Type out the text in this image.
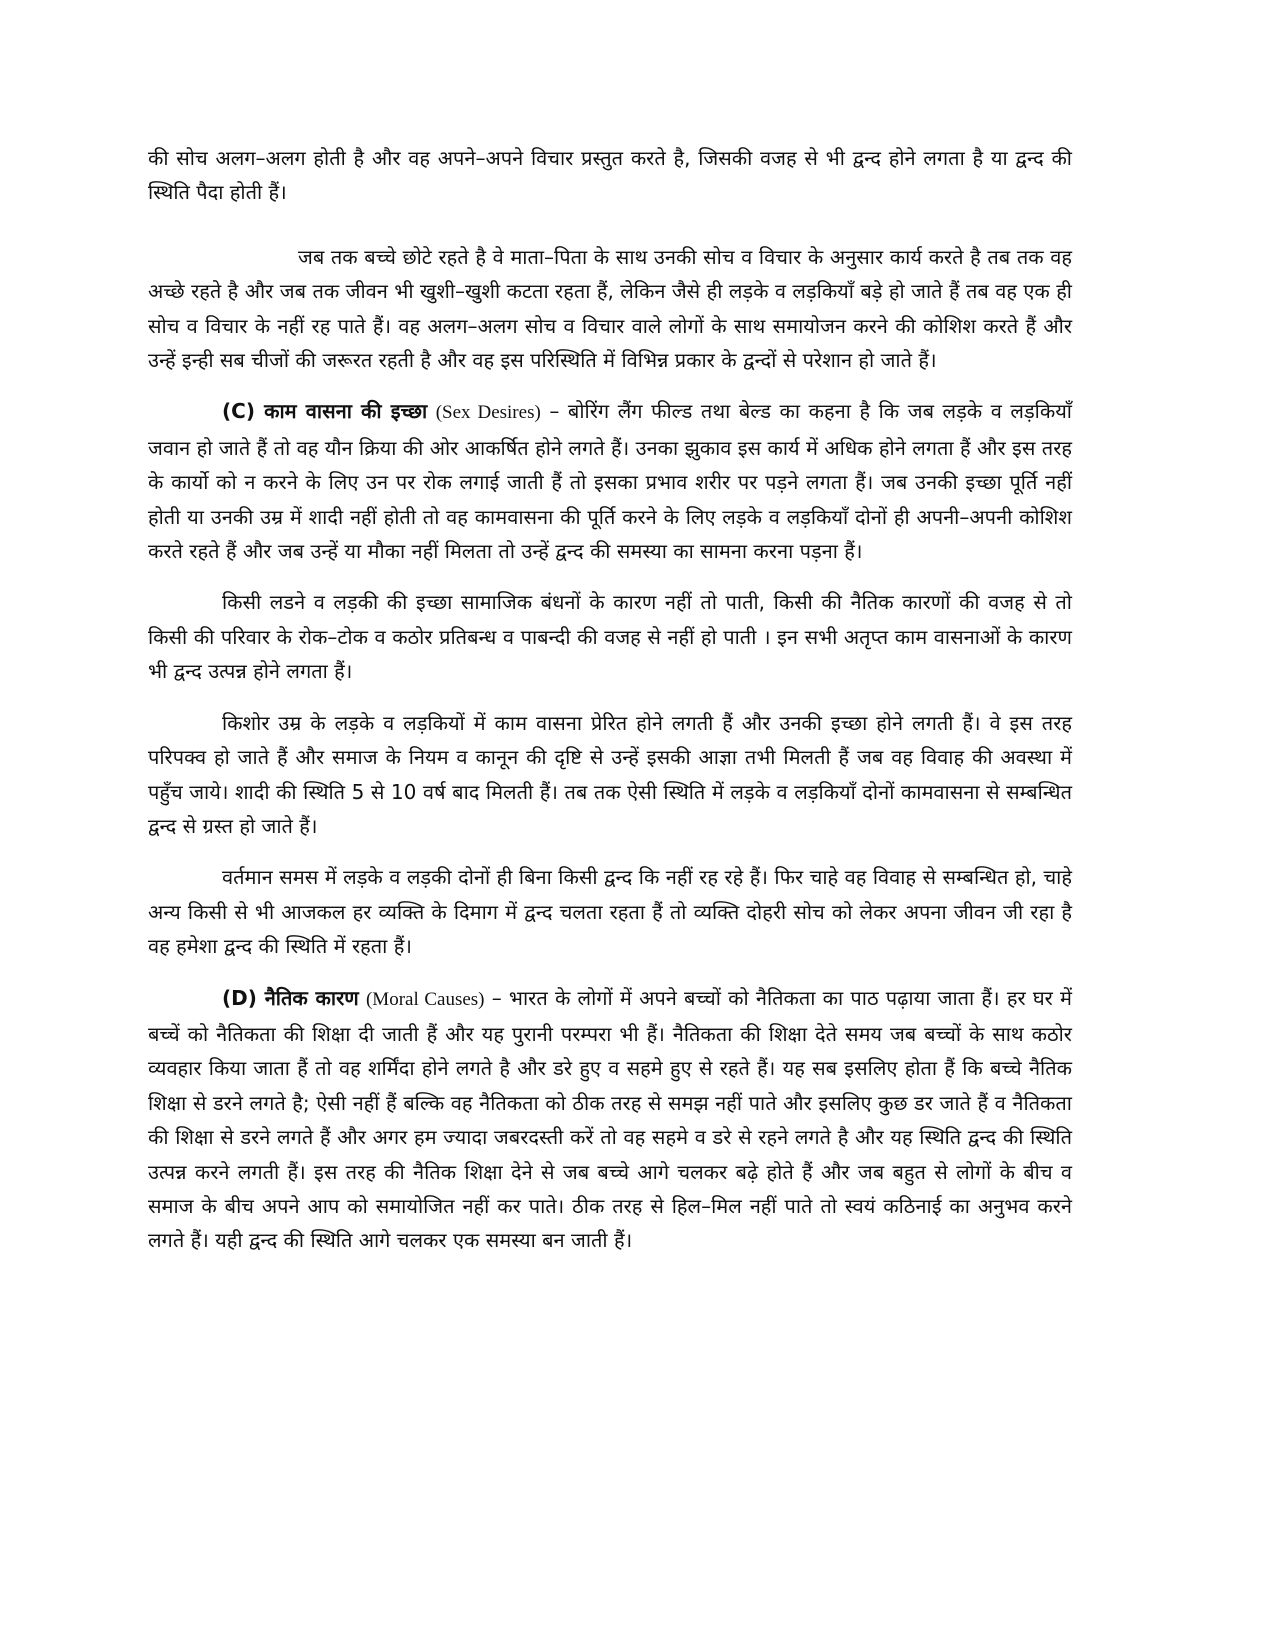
की सोच अलग–अलग होती है और वह अपने–अपने विचार प्रस्तुत करते है, जिसकी वजह से भी द्वन्द होने लगता है या द्वन्द की स्थिति पैदा होती हैं।

जब तक बच्चे छोटे रहते है वे माता–पिता के साथ उनकी सोच व विचार के अनुसार कार्य करते है तब तक वह अच्छे रहते है और जब तक जीवन भी खुशी–खुशी कटता रहता हैं, लेकिन जैसे ही लड़के व लड़कियाँ बड़े हो जाते हैं तब वह एक ही सोच व विचार के नहीं रह पाते हैं। वह अलग–अलग सोच व विचार वाले लोगों के साथ समायोजन करने की कोशिश करते हैं और उन्हें इन्ही सब चीजों की जरूरत रहती है और वह इस परिस्थिति में विभिन्न प्रकार के द्वन्दों से परेशान हो जाते हैं।

(C) काम वासना की इच्छा (Sex Desires) – बोरिंग लैंग फील्ड तथा बेल्ड का कहना है कि जब लड़के व लड़कियाँ जवान हो जाते हैं तो वह यौन क्रिया की ओर आकर्षित होने लगते हैं। उनका झुकाव इस कार्य में अधिक होने लगता हैं और इस तरह के कार्यो को न करने के लिए उन पर रोक लगाई जाती हैं तो इसका प्रभाव शरीर पर पड़ने लगता हैं। जब उनकी इच्छा पूर्ति नहीं होती या उनकी उम्र में शादी नहीं होती तो वह कामवासना की पूर्ति करने के लिए लड़के व लड़कियाँ दोनों ही अपनी–अपनी कोशिश करते रहते हैं और जब उन्हें या मौका नहीं मिलता तो उन्हें द्वन्द की समस्या का सामना करना पड़ना हैं।

किसी लडने व लड़की की इच्छा सामाजिक बंधनों के कारण नहीं तो पाती, किसी की नैतिक कारणों की वजह से तो किसी की परिवार के रोक–टोक व कठोर प्रतिबन्ध व पाबन्दी की वजह से नहीं हो पाती । इन सभी अतृप्त काम वासनाओं के कारण भी द्वन्द उत्पन्न होने लगता हैं।

किशोर उम्र के लड़के व लड़कियों में काम वासना प्रेरित होने लगती हैं और उनकी इच्छा होने लगती हैं। वे इस तरह परिपक्व हो जाते हैं और समाज के नियम व कानून की दृष्टि से उन्हें इसकी आज्ञा तभी मिलती हैं जब वह विवाह की अवस्था में पहुँच जाये। शादी की स्थिति 5 से 10 वर्ष बाद मिलती हैं। तब तक ऐसी स्थिति में लड़के व लड़कियाँ दोनों कामवासना से सम्बन्धित द्वन्द से ग्रस्त हो जाते हैं।

वर्तमान समस में लड़के व लड़की दोनों ही बिना किसी द्वन्द कि नहीं रह रहे हैं। फिर चाहे वह विवाह से सम्बन्धित हो, चाहे अन्य किसी से भी आजकल हर व्यक्ति के दिमाग में द्वन्द चलता रहता हैं तो व्यक्ति दोहरी सोच को लेकर अपना जीवन जी रहा है वह हमेशा द्वन्द की स्थिति में रहता हैं।

(D) नैतिक कारण (Moral Causes) – भारत के लोगों में अपने बच्चों को नैतिकता का पाठ पढ़ाया जाता हैं। हर घर में बच्चें को नैतिकता की शिक्षा दी जाती हैं और यह पुरानी परम्परा भी हैं। नैतिकता की शिक्षा देते समय जब बच्चों के साथ कठोर व्यवहार किया जाता हैं तो वह शर्मिंदा होने लगते है और डरे हुए व सहमे हुए से रहते हैं। यह सब इसलिए होता हैं कि बच्चे नैतिक शिक्षा से डरने लगते है; ऐसी नहीं हैं बल्कि वह नैतिकता को ठीक तरह से समझ नहीं पाते और इसलिए कुछ डर जाते हैं व नैतिकता की शिक्षा से डरने लगते हैं और अगर हम ज्यादा जबरदस्ती करें तो वह सहमे व डरे से रहने लगते है और यह स्थिति द्वन्द की स्थिति उत्पन्न करने लगती हैं। इस तरह की नैतिक शिक्षा देने से जब बच्चे आगे चलकर बढ़े होते हैं और जब बहुत से लोगों के बीच व समाज के बीच अपने आप को समायोजित नहीं कर पाते। ठीक तरह से हिल–मिल नहीं पाते तो स्वयं कठिनाई का अनुभव करने लगते हैं। यही द्वन्द की स्थिति आगे चलकर एक समस्या बन जाती हैं।
